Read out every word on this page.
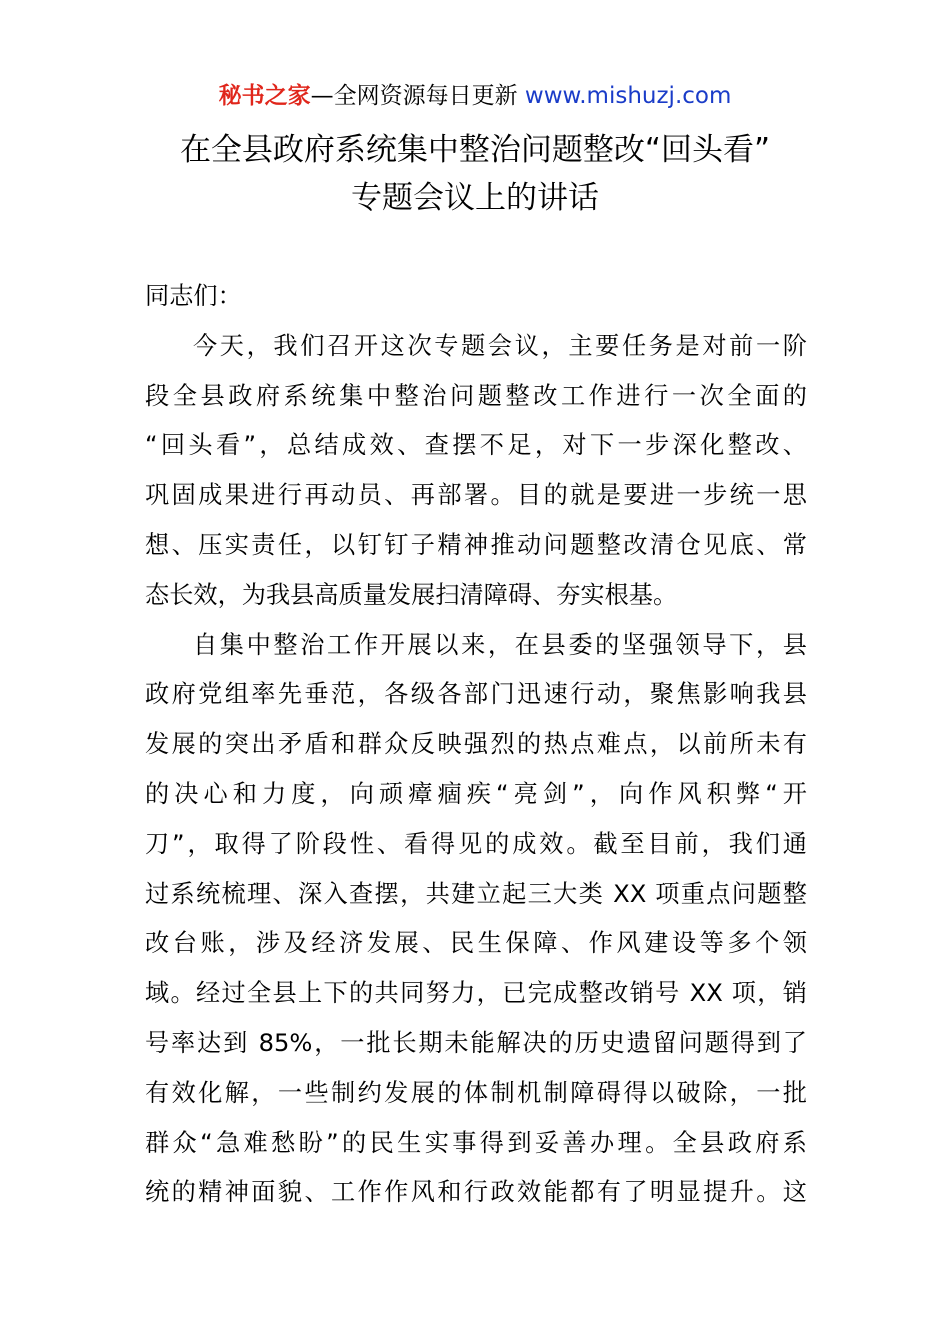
秘书之家—全网资源每日更新 www.mishuzj.com
在全县政府系统集中整治问题整改“回头看”
专题会议上的讲话
同志们：
今天，我们召开这次专题会议，主要任务是对前一阶
段全县政府系统集中整治问题整改工作进行一次全面的
“回头看”，总结成效、查摆不足，对下一步深化整改、
巩固成果进行再动员、再部署。目的就是要进一步统一思
想、压实责任，以钉钉子精神推动问题整改清仓见底、常
态长效，为我县高质量发展扫清障碍、夯实根基。
自集中整治工作开展以来，在县委的坚强领导下，县
政府党组率先垂范，各级各部门迅速行动，聚焦影响我县
发展的突出矛盾和群众反映强烈的热点难点，以前所未有
的决心和力度，向顽瘴痼疾“亮剑”，向作风积弊“开
刀”，取得了阶段性、看得见的成效。截至目前，我们通
过系统梳理、深入查摆，共建立起三大类 XX 项重点问题整
改台账，涉及经济发展、民生保障、作风建设等多个领
域。经过全县上下的共同努力，已完成整改销号 XX 项，销
号率达到 85%，一批长期未能解决的历史遗留问题得到了
有效化解，一些制约发展的体制机制障碍得以破除，一批
群众“急难愁盼”的民生实事得到妥善办理。全县政府系
统的精神面貌、工作作风和行政效能都有了明显提升。这
